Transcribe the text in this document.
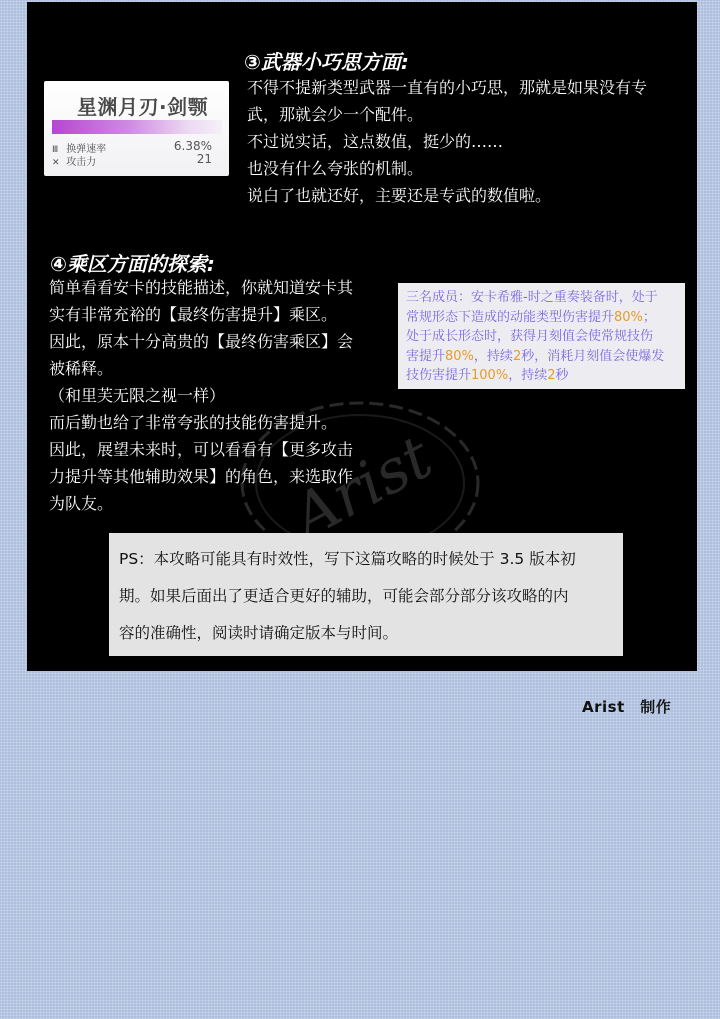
星渊月刃·剑颚
Ⅲ 换弹速率	6.38%
✕ 攻击力	21
③武器小巧思方面:
不得不提新类型武器一直有的小巧思，那就是如果没有专
武，那就会少一个配件。
不过说实话，这点数值，挺少的……
也没有什么夸张的机制。
说白了也就还好，主要还是专武的数值啦。
④乘区方面的探索:
简单看看安卡的技能描述，你就知道安卡其
实有非常充裕的【最终伤害提升】乘区。
因此，原本十分高贵的【最终伤害乘区】会
被稀释。
（和里芙无限之视一样）
而后勤也给了非常夸张的技能伤害提升。
因此，展望未来时，可以看看有【更多攻击
力提升等其他辅助效果】的角色，来选取作
为队友。
三名成员：安卡希雅-时之重奏装备时，处于
常规形态下造成的动能类型伤害提升80%；
处于成长形态时，获得月刻值会使常规技伤
害提升80%，持续2秒，消耗月刻值会使爆发
技伤害提升100%，持续2秒
PS：本攻略可能具有时效性，写下这篇攻略的时候处于 3.5 版本初
期。如果后面出了更适合更好的辅助，可能会部分部分该攻略的内
容的准确性，阅读时请确定版本与时间。
Arist　制作
